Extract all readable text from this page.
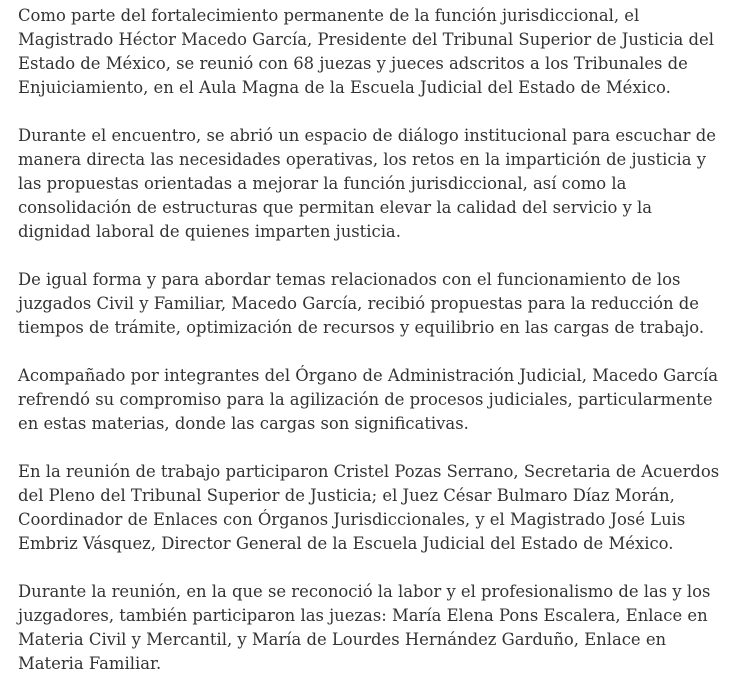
Como parte del fortalecimiento permanente de la función jurisdiccional, el Magistrado Héctor Macedo García, Presidente del Tribunal Superior de Justicia del Estado de México, se reunió con 68 juezas y jueces adscritos a los Tribunales de Enjuiciamiento, en el Aula Magna de la Escuela Judicial del Estado de México.

Durante el encuentro, se abrió un espacio de diálogo institucional para escuchar de manera directa las necesidades operativas, los retos en la impartición de justicia y las propuestas orientadas a mejorar la función jurisdiccional, así como la consolidación de estructuras que permitan elevar la calidad del servicio y la dignidad laboral de quienes imparten justicia.

De igual forma y para abordar temas relacionados con el funcionamiento de los juzgados Civil y Familiar, Macedo García, recibió propuestas para la reducción de tiempos de trámite, optimización de recursos y equilibrio en las cargas de trabajo.

Acompañado por integrantes del Órgano de Administración Judicial, Macedo García refrendó su compromiso para la agilización de procesos judiciales, particularmente en estas materias, donde las cargas son significativas.

En la reunión de trabajo participaron Cristel Pozas Serrano, Secretaria de Acuerdos del Pleno del Tribunal Superior de Justicia; el Juez César Bulmaro Díaz Morán, Coordinador de Enlaces con Órganos Jurisdiccionales, y el Magistrado José Luis Embriz Vásquez, Director General de la Escuela Judicial del Estado de México.

Durante la reunión, en la que se reconoció la labor y el profesionalismo de las y los juzgadores, también participaron las juezas: María Elena Pons Escalera, Enlace en Materia Civil y Mercantil, y María de Lourdes Hernández Garduño, Enlace en Materia Familiar.
